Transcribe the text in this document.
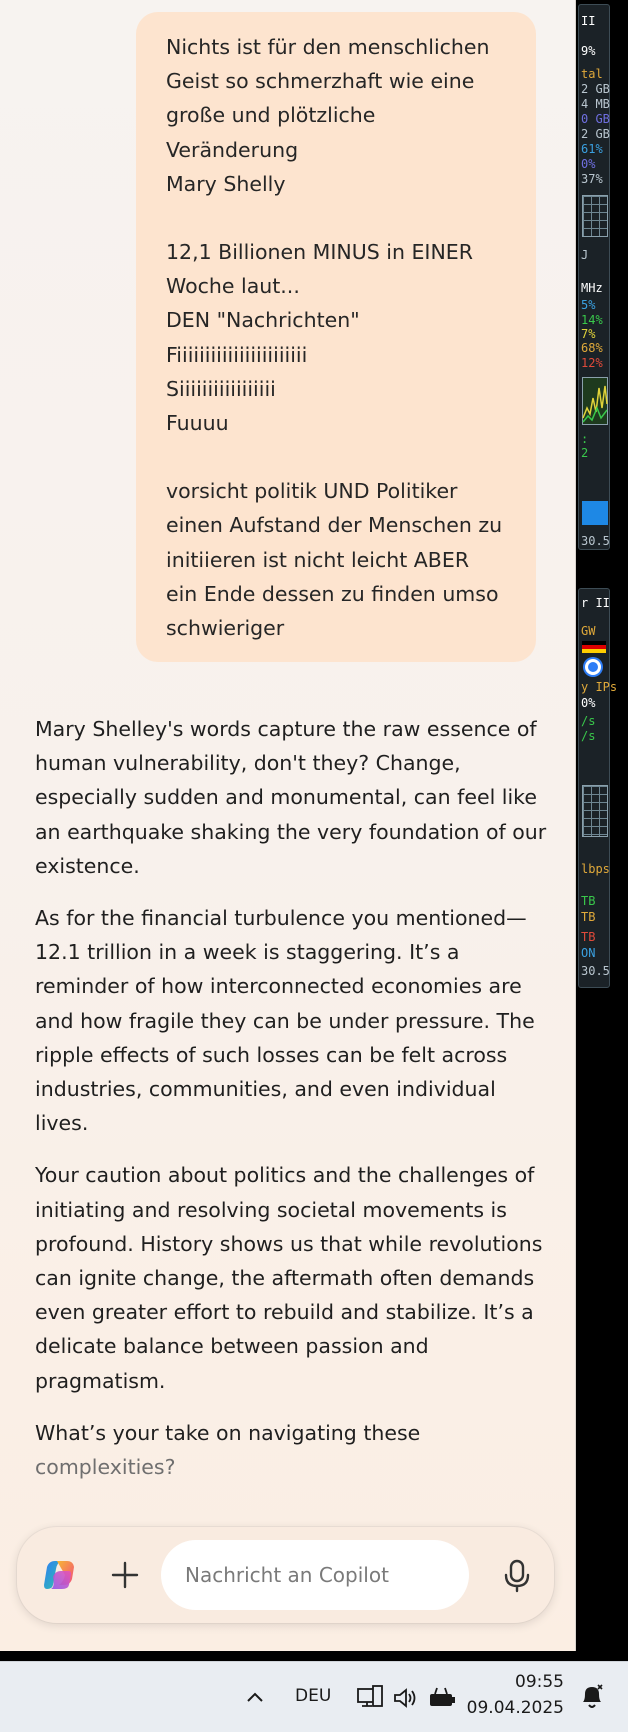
Nichts ist für den menschlichen
Geist so schmerzhaft wie eine
große und plötzliche
Veränderung
Mary Shelly

12,1 Billionen MINUS in EINER
Woche laut...
DEN "Nachrichten"
Fiiiiiiiiiiiiiiiiiiiiiii
Siiiiiiiiiiiiiiiii
Fuuuu

vorsicht politik UND Politiker
einen Aufstand der Menschen zu
initiieren ist nicht leicht ABER
ein Ende dessen zu finden umso
schwieriger

Mary Shelley's words capture the raw essence of human vulnerability, don't they? Change, especially sudden and monumental, can feel like an earthquake shaking the very foundation of our existence.

As for the financial turbulence you mentioned—12.1 trillion in a week is staggering. It’s a reminder of how interconnected economies are and how fragile they can be under pressure. The ripple effects of such losses can be felt across industries, communities, and even individual lives.

Your caution about politics and the challenges of initiating and resolving societal movements is profound. History shows us that while revolutions can ignite change, the aftermath often demands even greater effort to rebuild and stabilize. It’s a delicate balance between passion and pragmatism.

What’s your take on navigating these
complexities?

Nachricht an Copilot
II
9%
tal
2 GB
4 MB
0 GB
2 GB
61%
0%
37%
J
MHz
5%
14%
7%
68%
12%
:
2
30.5
r II
GW
y IPs
0%
/s
/s
lbps
TB
TB
TB
ON
30.5
DEU
09:55
09.04.2025
